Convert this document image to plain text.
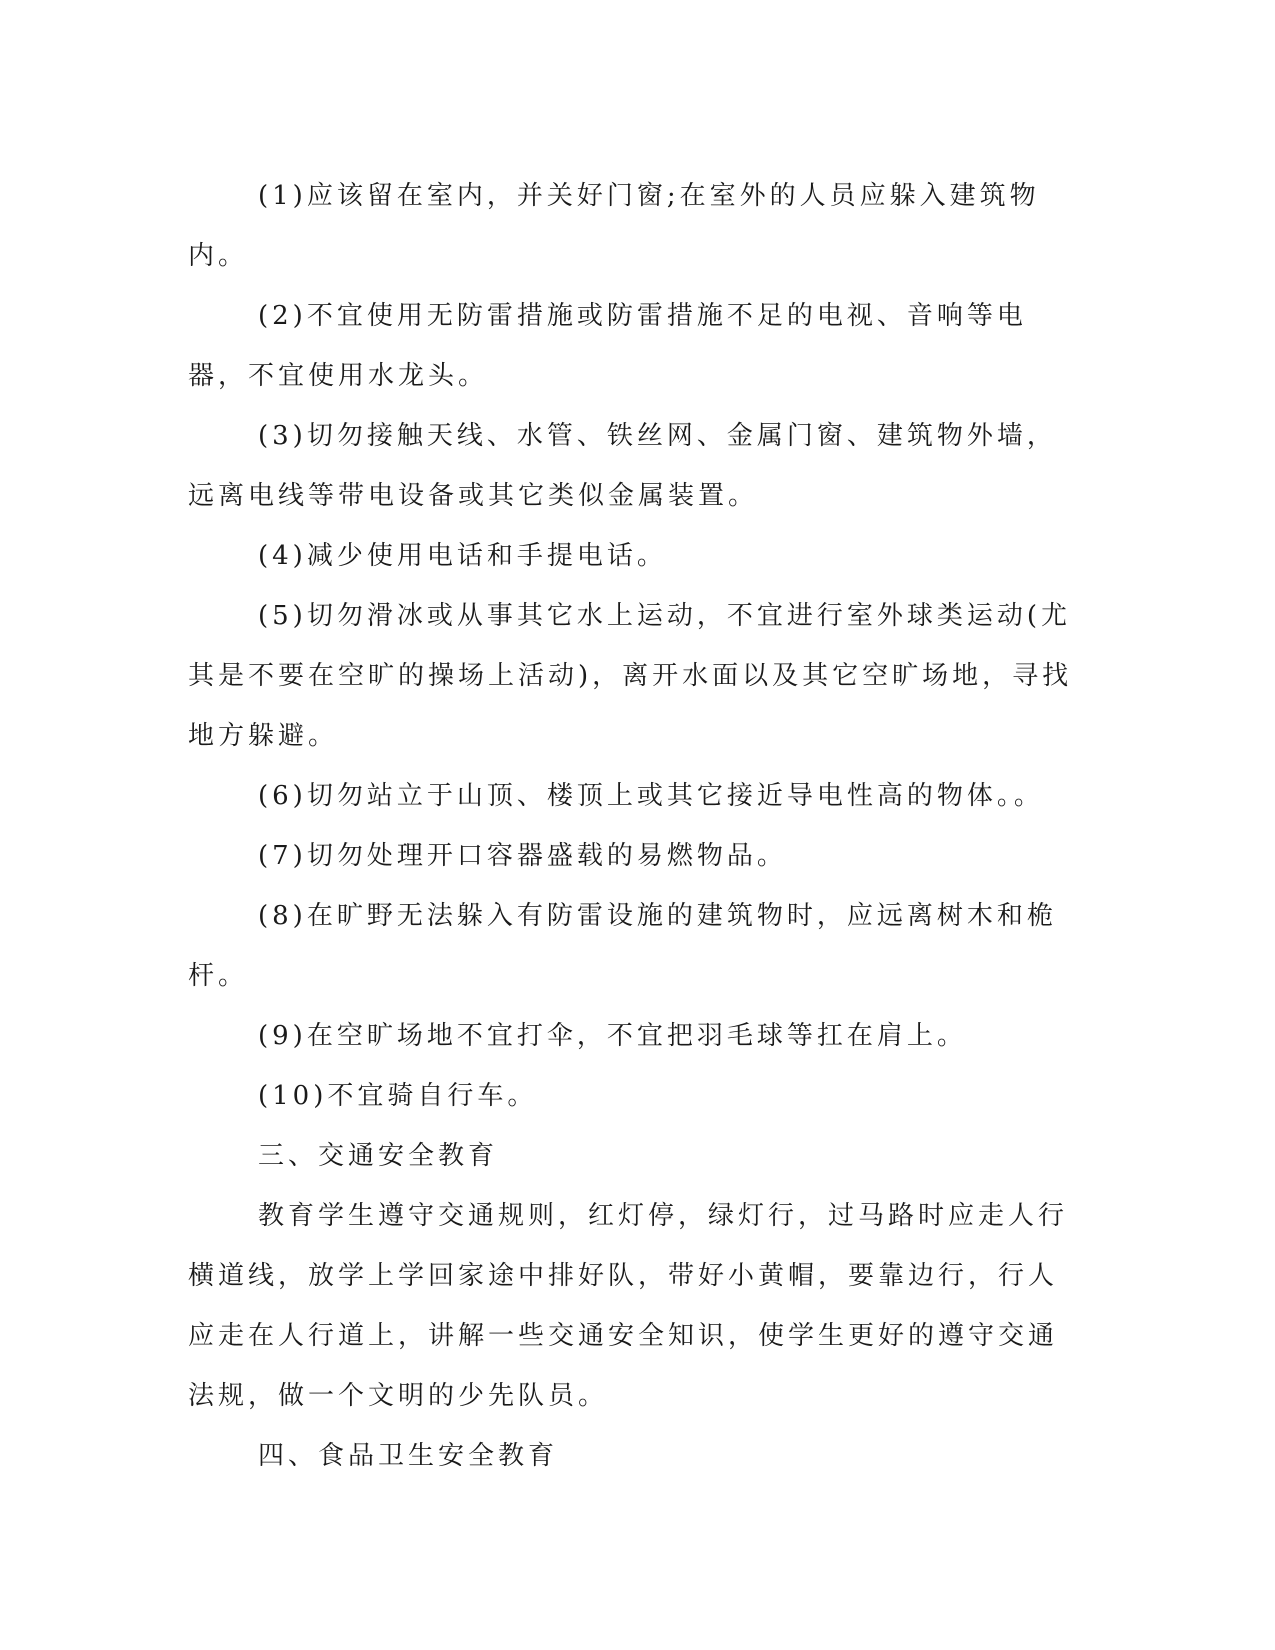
(1)应该留在室内，并关好门窗;在室外的人员应躲入建筑物内。

(2)不宜使用无防雷措施或防雷措施不足的电视、音响等电器，不宜使用水龙头。

(3)切勿接触天线、水管、铁丝网、金属门窗、建筑物外墙，远离电线等带电设备或其它类似金属装置。

(4)减少使用电话和手提电话。

(5)切勿滑冰或从事其它水上运动，不宜进行室外球类运动(尤其是不要在空旷的操场上活动)，离开水面以及其它空旷场地，寻找地方躲避。

(6)切勿站立于山顶、楼顶上或其它接近导电性高的物体。。

(7)切勿处理开口容器盛载的易燃物品。

(8)在旷野无法躲入有防雷设施的建筑物时，应远离树木和桅杆。

(9)在空旷场地不宜打伞，不宜把羽毛球等扛在肩上。

(10)不宜骑自行车。

三、交通安全教育

教育学生遵守交通规则，红灯停，绿灯行，过马路时应走人行横道线，放学上学回家途中排好队，带好小黄帽，要靠边行，行人应走在人行道上，讲解一些交通安全知识，使学生更好的遵守交通法规，做一个文明的少先队员。

四、食品卫生安全教育
